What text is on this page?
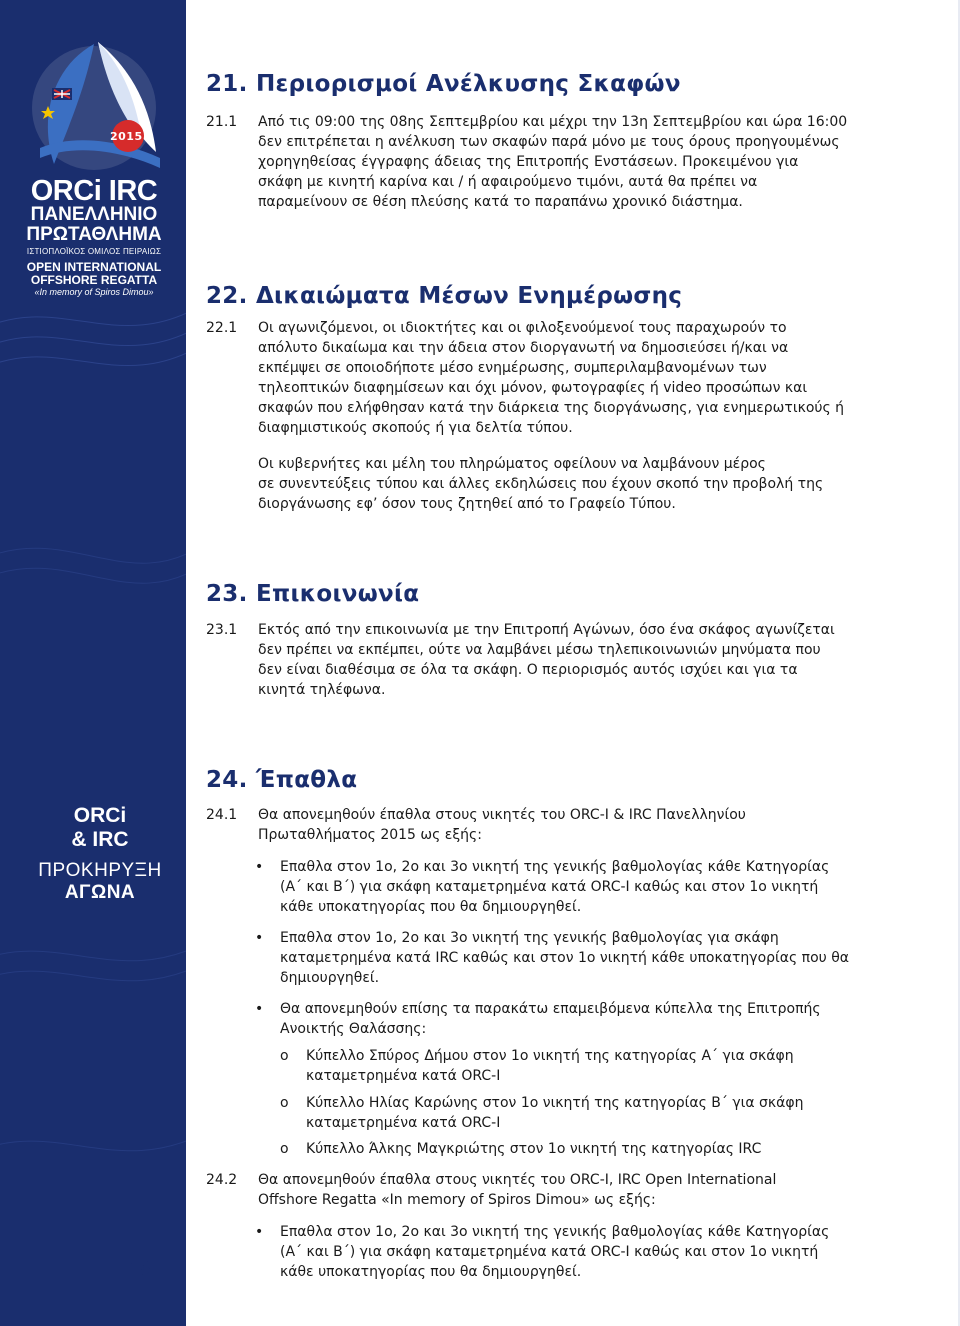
2015
ORCi IRC
ΠΑΝΕΛΛΗΝΙΟ
ΠΡΩΤΑΘΛΗΜΑ
ΙΣΤΙΟΠΛΟΪΚΟΣ ΟΜΙΛΟΣ ΠΕΙΡΑΙΩΣ
OPEN INTERNATIONAL
OFFSHORE REGATTA
«In memory of Spiros Dimou»
ORCi
& IRC
ΠΡΟΚΗΡΥΞΗ
ΑΓΩΝΑ
18
21. Περιορισμοί Ανέλκυσης Σκαφών
21.1 Από τις 09:00 της 08ης Σεπτεμβρίου και μέχρι την 13η Σεπτεμβρίου και ώρα 16:00
δεν επιτρέπεται η ανέλκυση των σκαφών παρά μόνο με τους όρους προηγουμένως
χορηγηθείσας έγγραφης άδειας της Επιτροπής Ενστάσεων. Προκειμένου για
σκάφη με κινητή καρίνα και / ή αφαιρούμενο τιμόνι, αυτά θα πρέπει να
παραμείνουν σε θέση πλεύσης κατά το παραπάνω χρονικό διάστημα.
22. Δικαιώματα Μέσων Ενημέρωσης
22.1 Οι αγωνιζόμενοι, οι ιδιοκτήτες και οι φιλοξενούμενοί τους παραχωρούν το
απόλυτο δικαίωμα και την άδεια στον διοργανωτή να δημοσιεύσει ή/και να
εκπέμψει σε οποιοδήποτε μέσο ενημέρωσης, συμπεριλαμβανομένων των
τηλεοπτικών διαφημίσεων και όχι μόνον, φωτογραφίες ή video προσώπων και
σκαφών που ελήφθησαν κατά την διάρκεια της διοργάνωσης, για ενημερωτικούς ή
διαφημιστικούς σκοπούς ή για δελτία τύπου.
Οι κυβερνήτες και μέλη του πληρώματος οφείλουν να λαμβάνουν μέρος
σε συνεντεύξεις τύπου και άλλες εκδηλώσεις που έχουν σκοπό την προβολή της
διοργάνωσης εφ’ όσον τους ζητηθεί από το Γραφείο Τύπου.
23. Επικοινωνία
23.1 Εκτός από την επικοινωνία με την Επιτροπή Αγώνων, όσο ένα σκάφος αγωνίζεται
δεν πρέπει να εκπέμπει, ούτε να λαμβάνει μέσω τηλεπικοινωνιών μηνύματα που
δεν είναι διαθέσιμα σε όλα τα σκάφη. Ο περιορισμός αυτός ισχύει και για τα
κινητά τηλέφωνα.
24. Έπαθλα
24.1 Θα απονεμηθούν έπαθλα στους νικητές του ORC-I & IRC Πανελληνίου
Πρωταθλήματος 2015 ως εξής:
• Επαθλα στον 1ο, 2ο και 3ο νικητή της γενικής βαθμολογίας κάθε Κατηγορίας
(Α΄ και Β΄) για σκάφη καταμετρημένα κατά ORC-I καθώς και στον 1ο νικητή
κάθε υποκατηγορίας που θα δημιουργηθεί.
• Επαθλα στον 1ο, 2ο και 3ο νικητή της γενικής βαθμολογίας για σκάφη
καταμετρημένα κατά IRC καθώς και στον 1ο νικητή κάθε υποκατηγορίας που θα
δημιουργηθεί.
• Θα απονεμηθούν επίσης τα παρακάτω επαμειβόμενα κύπελλα της Επιτροπής
Ανοικτής Θαλάσσης:
o Κύπελλο Σπύρος Δήμου στον 1ο νικητή της κατηγορίας Α΄ για σκάφη
καταμετρημένα κατά ORC-I
o Κύπελλο Ηλίας Καρώνης στον 1ο νικητή της κατηγορίας Β΄ για σκάφη
καταμετρημένα κατά ORC-I
o Κύπελλο Άλκης Μαγκριώτης στον 1ο νικητή της κατηγορίας IRC
24.2 Θα απονεμηθούν έπαθλα στους νικητές του ORC-I, IRC Open International
Offshore Regatta «In memory of Spiros Dimou» ως εξής:
• Επαθλα στον 1ο, 2ο και 3ο νικητή της γενικής βαθμολογίας κάθε Κατηγορίας
(Α΄ και Β΄) για σκάφη καταμετρημένα κατά ORC-I καθώς και στον 1ο νικητή
κάθε υποκατηγορίας που θα δημιουργηθεί.
